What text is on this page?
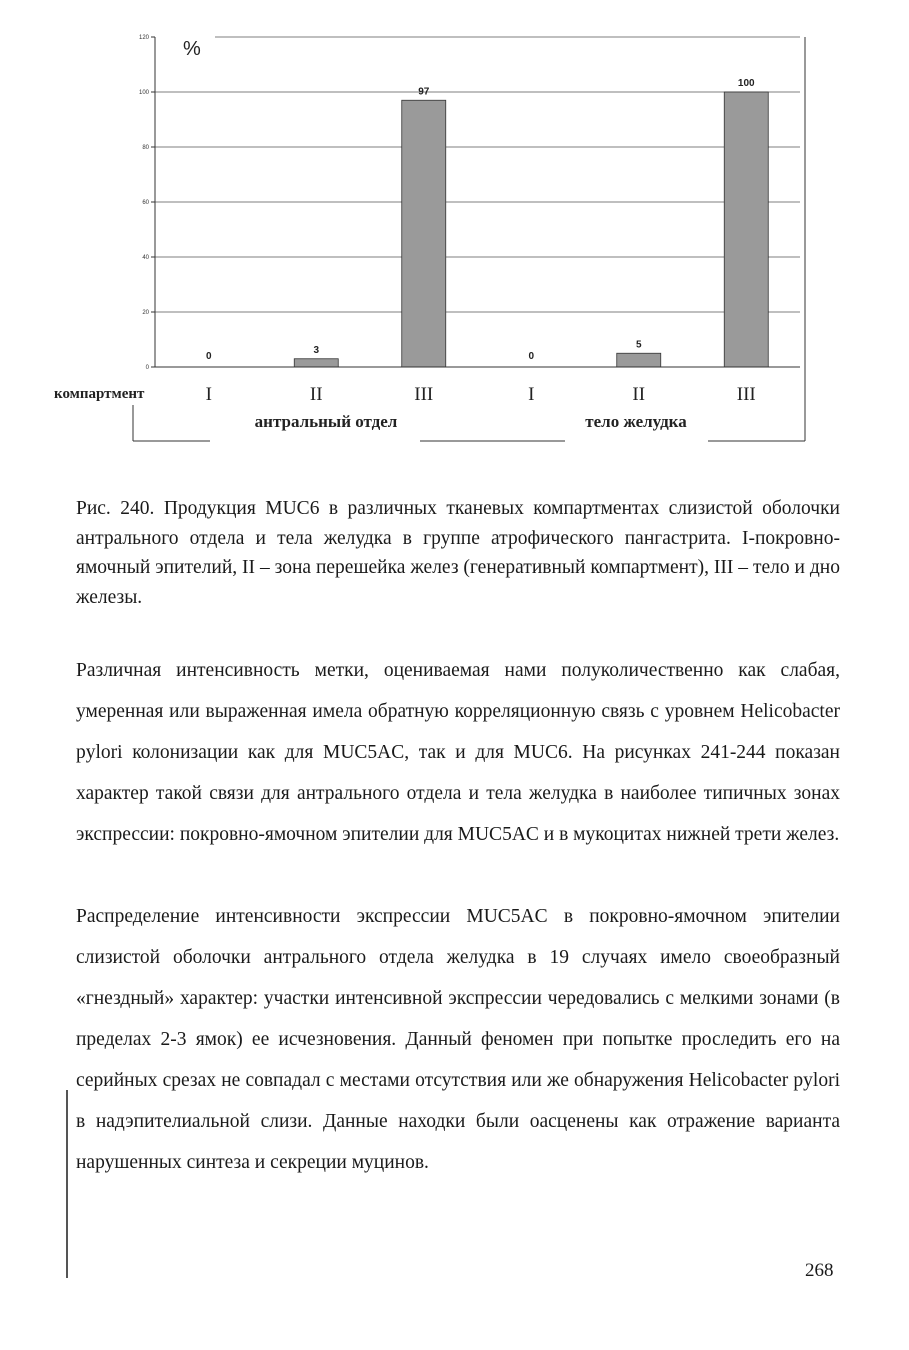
0
20
40
60
80
100
120
0
3
97
0
5
100
I	II	III	I	II	III
%
компартмент
антральный отдел	тело желудка
Рис. 240. Продукция MUC6 в различных тканевых компартментах слизистой оболочки антрального отдела и тела желудка в группе атрофического пангастрита. I-покровно-ямочный эпителий, II – зона перешейка желез (генеративный компартмент), III – тело и дно железы.
Различная интенсивность метки, оцениваемая нами полуколичественно как слабая, умеренная или выраженная имела обратную корреляционную связь с уровнем Helicobacter pylori колонизации как для MUC5AC, так и для MUC6. На рисунках 241-244 показан характер такой связи для антрального отдела и тела желудка в наиболее типичных зонах экспрессии: покровно-ямочном эпителии для MUC5AC и в мукоцитах нижней трети желез.
Распределение интенсивности экспрессии MUC5AC в покровно-ямочном эпителии слизистой оболочки антрального отдела желудка в 19 случаях имело своеобразный «гнездный» характер: участки интенсивной экспрессии чередовались с мелкими зонами (в пределах 2-3 ямок) ее исчезновения. Данный феномен при попытке проследить его на серийных срезах не совпадал с местами отсутствия или же обнаружения Helicobacter pylori в надэпителиальной слизи. Данные находки были оасценены как отражение варианта нарушенных синтеза и секреции муцинов.
268
